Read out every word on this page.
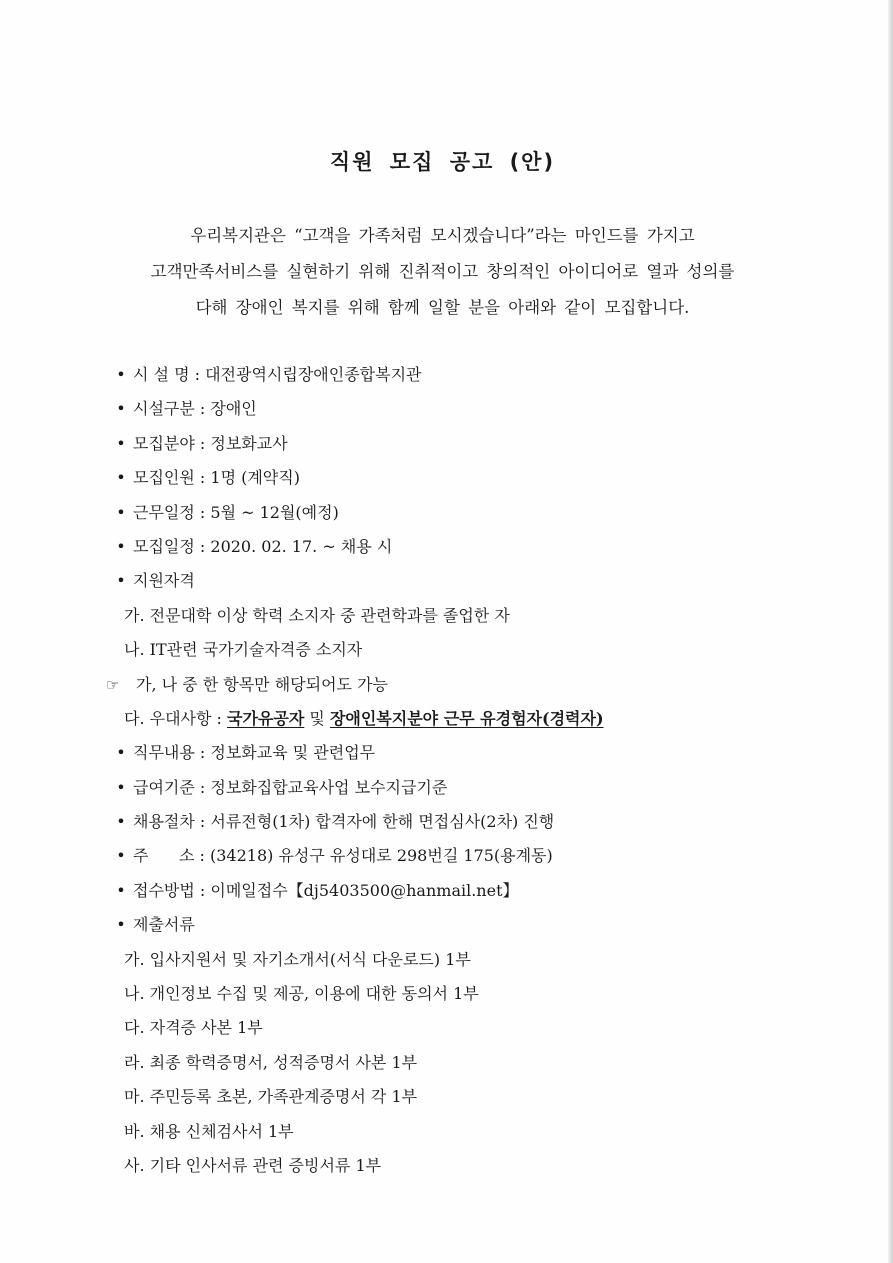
직원 모집 공고 (안)
우리복지관은 “고객을 가족처럼 모시겠습니다”라는 마인드를 가지고
고객만족서비스를 실현하기 위해 진취적이고 창의적인 아이디어로 열과 성의를
다해 장애인 복지를 위해 함께 일할 분을 아래와 같이 모집합니다.
• 시 설 명 : 대전광역시립장애인종합복지관
• 시설구분 : 장애인
• 모집분야 : 정보화교사
• 모집인원 : 1명 (계약직)
• 근무일정 : 5월 ~ 12월(예정)
• 모집일정 : 2020. 02. 17. ~ 채용 시
• 지원자격
가. 전문대학 이상 학력 소지자 중 관련학과를 졸업한 자
나. IT관련 국가기술자격증 소지자
☞ 가, 나 중 한 항목만 해당되어도 가능
다. 우대사항 : 국가유공자 및 장애인복지분야 근무 유경험자(경력자)
• 직무내용 : 정보화교육 및 관련업무
• 급여기준 : 정보화집합교육사업 보수지급기준
• 채용절차 : 서류전형(1차) 합격자에 한해 면접심사(2차) 진행
• 주      소 : (34218) 유성구 유성대로 298번길 175(용계동)
• 접수방법 : 이메일접수【dj5403500@hanmail.net】
• 제출서류
가. 입사지원서 및 자기소개서(서식 다운로드) 1부
나. 개인정보 수집 및 제공, 이용에 대한 동의서 1부
다. 자격증 사본 1부
라. 최종 학력증명서, 성적증명서 사본 1부
마. 주민등록 초본, 가족관계증명서 각 1부
바. 채용 신체검사서 1부
사. 기타 인사서류 관련 증빙서류 1부
